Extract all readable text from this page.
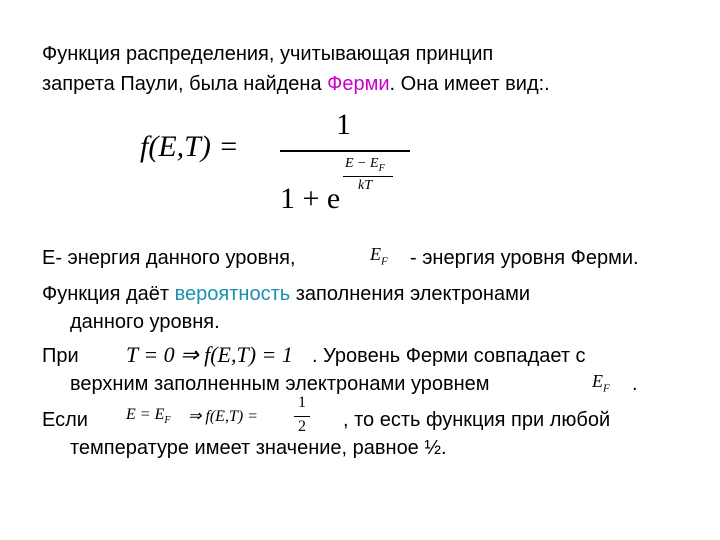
Функция распределения, учитывающая принцип
запрета Паули, была найдена Ферми. Она имеет вид:.
f(E,T) =
1
1 + e
$E - E_F$
kT
E- энергия данного уровня,	$E_F$ - энергия уровня Ферми.
Функция даёт вероятность заполнения электронами
данного уровня.
При T = 0 ⇒ f(E,T) = 1 . Уровень Ферми совпадает с
верхним заполненным электронами уровнем	$E_F$ .
Если $E = E_F$ ⇒ f(E,T) =
1
2 , то есть функция при любой
температуре имеет значение, равное ½.
